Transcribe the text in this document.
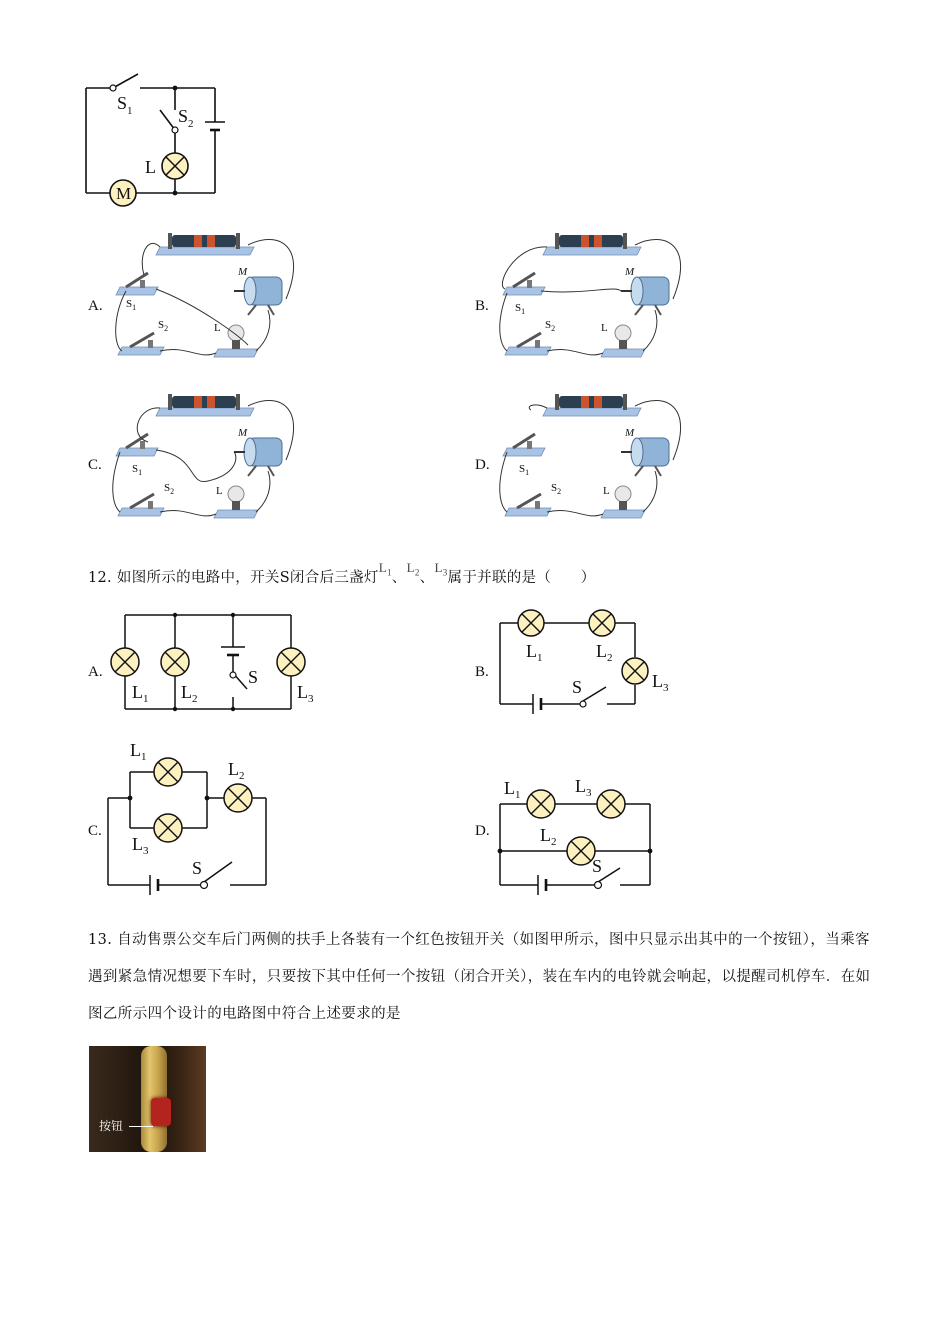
$S_1$	$S_2$
L
M
A.	B.
C.	D.
$S_1$
$S_2$	L
M
$S_1$
$S_2$	L
M
$S_1$
$S_2$	L
M
$S_1$
$S_2$	L
M
12. 如图所示的电路中，开关S闭合后三盏灯$L_1$、$L_2$、$L_3$属于并联的是（　　）
A.	B.
C.	D.
$L_1$ $L_2$	$L_3$
S
$L_1$	$L_2$
$L_3$
S
$L_1$
$L_2$
$L_3$
S
$L_1$	$L_3$
$L_2$
S
13. 自动售票公交车后门两侧的扶手上各装有一个红色按钮开关（如图甲所示，图中只显示出其中的一个按钮），当乘客遇到紧急情况想要下车时，只要按下其中任何一个按钮（闭合开关），装在车内的电铃就会响起，以提醒司机停车．在如图乙所示四个设计的电路图中符合上述要求的是
按钮
